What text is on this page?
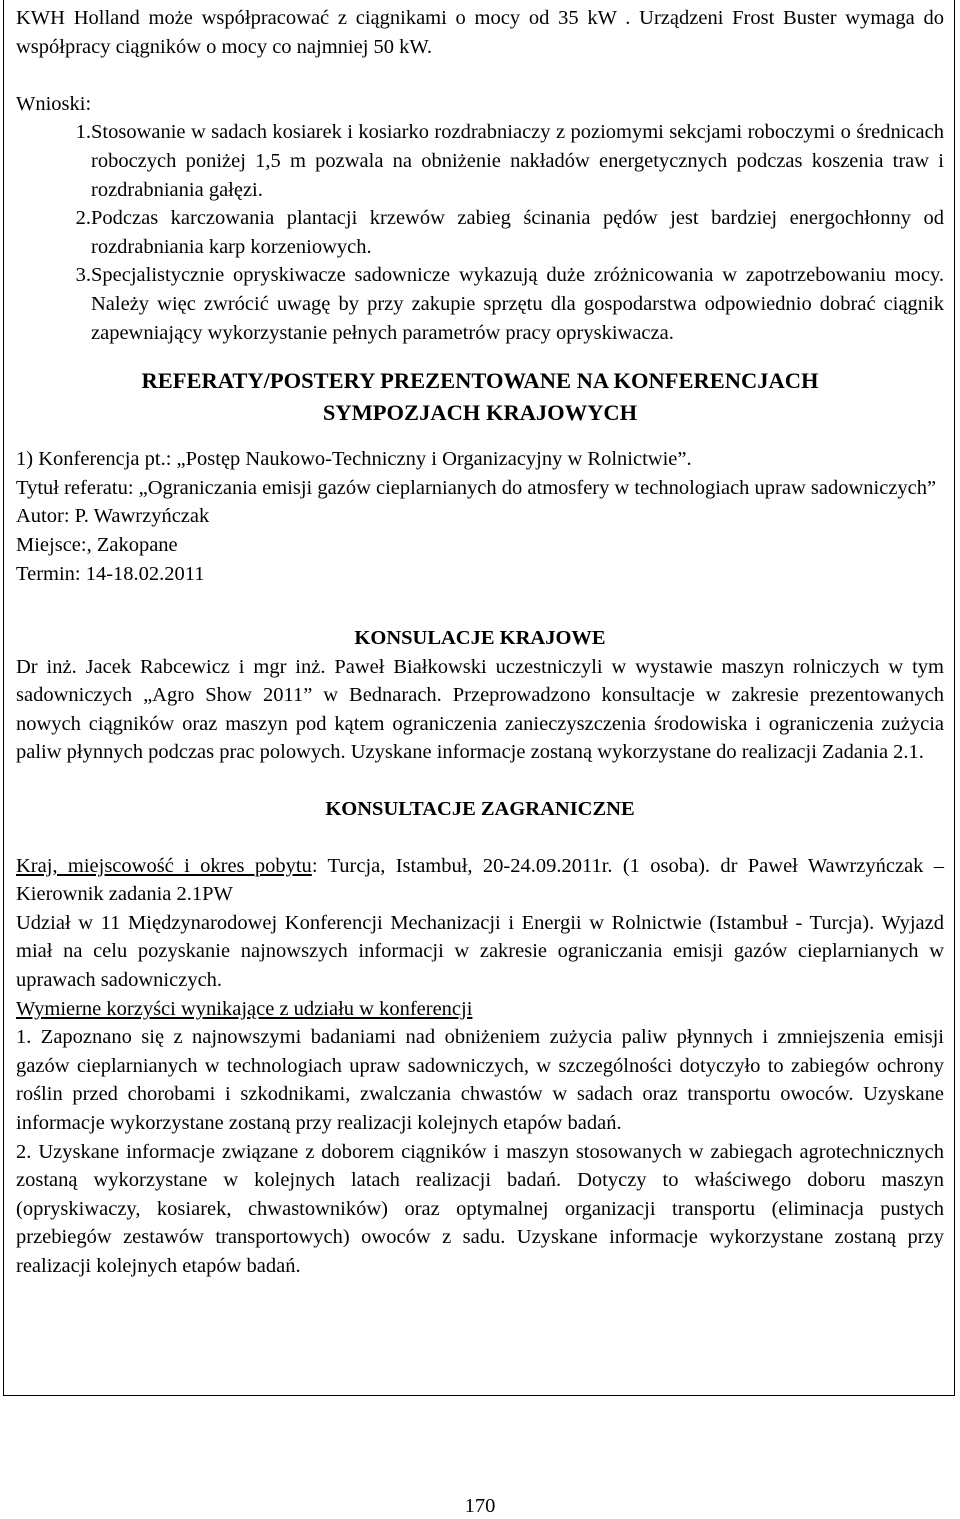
KWH Holland może współpracować z ciągnikami o mocy od 35 kW . Urządzeni Frost Buster wymaga do współpracy ciągników o mocy co najmniej 50 kW.

Wnioski:

1. Stosowanie w sadach kosiarek i kosiarko rozdrabniaczy z poziomymi sekcjami roboczymi o średnicach roboczych poniżej 1,5 m pozwala na obniżenie nakładów energetycznych podczas koszenia traw i rozdrabniania gałęzi.
2. Podczas karczowania plantacji krzewów zabieg ścinania pędów jest bardziej energochłonny od rozdrabniania karp korzeniowych.
3. Specjalistycznie opryskiwacze sadownicze wykazują duże zróżnicowania w zapotrzebowaniu mocy. Należy więc zwrócić uwagę by przy zakupie sprzętu dla gospodarstwa odpowiednio dobrać ciągnik zapewniający wykorzystanie pełnych parametrów pracy opryskiwacza.
REFERATY/POSTERY PREZENTOWANE NA KONFERENCJACH
SYMPOZJACH KRAJOWYCH

1) Konferencja pt.: „Postęp Naukowo-Techniczny i Organizacyjny w Rolnictwie”.

Tytuł referatu: „Ograniczania emisji gazów cieplarnianych do atmosfery w technologiach upraw sadowniczych”

Autor: P. Wawrzyńczak

Miejsce:, Zakopane

Termin: 14-18.02.2011

KONSULACJE KRAJOWE

Dr inż. Jacek Rabcewicz i mgr inż. Paweł Białkowski uczestniczyli w wystawie maszyn rolniczych w tym sadowniczych „Agro Show 2011” w Bednarach. Przeprowadzono konsultacje w zakresie prezentowanych nowych ciągników oraz maszyn pod kątem ograniczenia zanieczyszczenia środowiska i ograniczenia zużycia paliw płynnych podczas prac polowych. Uzyskane informacje zostaną wykorzystane do realizacji Zadania 2.1.

KONSULTACJE ZAGRANICZNE

Kraj, miejscowość i okres pobytu: Turcja, Istambuł, 20-24.09.2011r. (1 osoba). dr Paweł Wawrzyńczak – Kierownik zadania 2.1PW

Udział w 11 Międzynarodowej Konferencji Mechanizacji i Energii w Rolnictwie (Istambuł - Turcja). Wyjazd miał na celu pozyskanie najnowszych informacji w zakresie ograniczania emisji gazów cieplarnianych w uprawach sadowniczych.

Wymierne korzyści wynikające z udziału w konferencji

1. Zapoznano się z najnowszymi badaniami nad obniżeniem zużycia paliw płynnych i zmniejszenia emisji gazów cieplarnianych w technologiach upraw sadowniczych, w szczególności dotyczyło to zabiegów ochrony roślin przed chorobami i szkodnikami, zwalczania chwastów w sadach oraz transportu owoców. Uzyskane informacje wykorzystane zostaną przy realizacji kolejnych etapów badań.

2. Uzyskane informacje związane z doborem ciągników i maszyn stosowanych w zabiegach agrotechnicznych zostaną wykorzystane w kolejnych latach realizacji badań. Dotyczy to właściwego doboru maszyn (opryskiwaczy, kosiarek, chwastowników) oraz optymalnej organizacji transportu (eliminacja pustych przebiegów zestawów transportowych) owoców z sadu. Uzyskane informacje wykorzystane zostaną przy realizacji kolejnych etapów badań.

170
